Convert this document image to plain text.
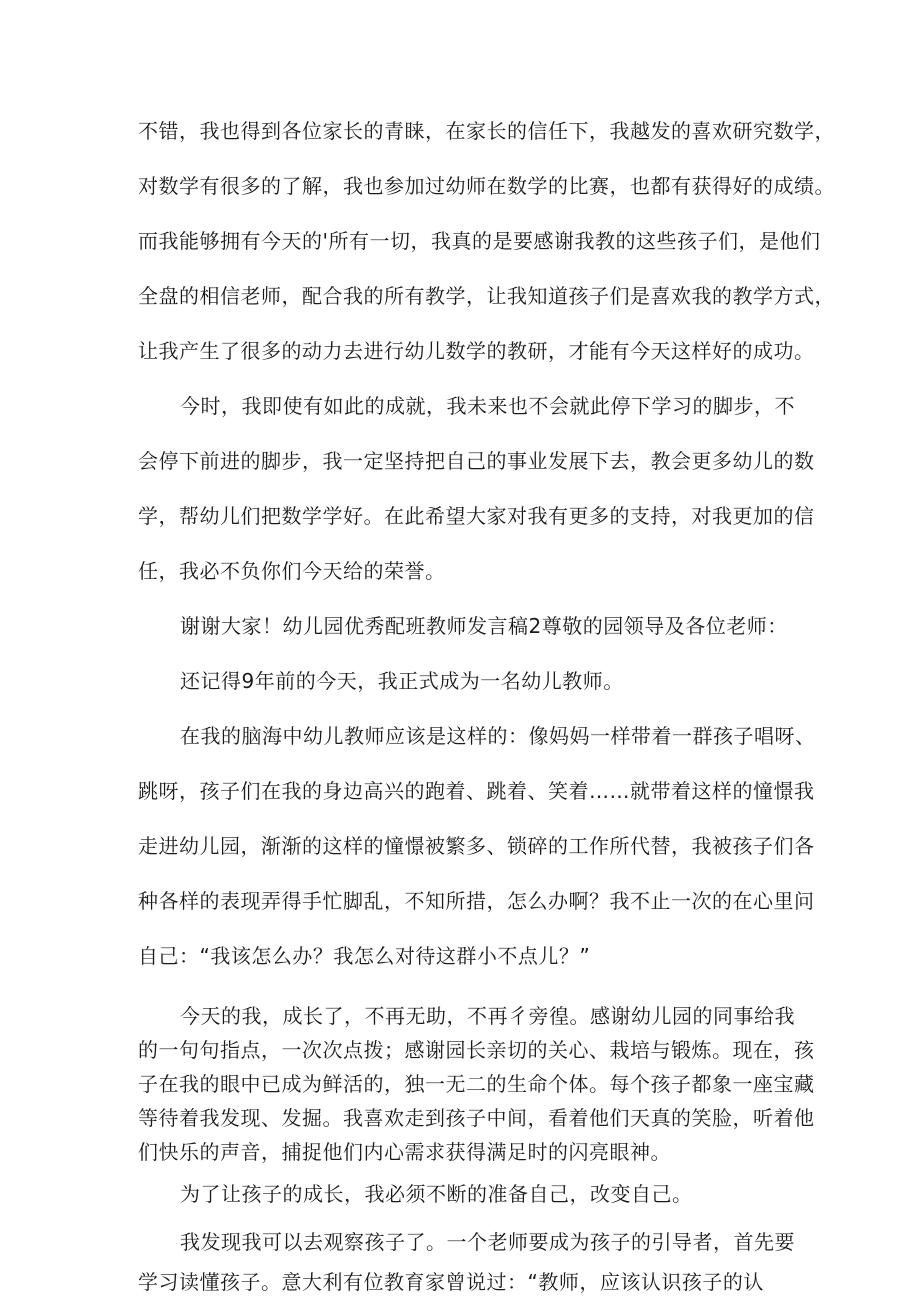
不错，我也得到各位家长的青睐，在家长的信任下，我越发的喜欢研究数学，
对数学有很多的了解，我也参加过幼师在数学的比赛，也都有获得好的成绩。
而我能够拥有今天的'所有一切，我真的是要感谢我教的这些孩子们，是他们
全盘的相信老师，配合我的所有教学，让我知道孩子们是喜欢我的教学方式，
让我产生了很多的动力去进行幼儿数学的教研，才能有今天这样好的成功。
今时，我即使有如此的成就，我未来也不会就此停下学习的脚步，不
会停下前进的脚步，我一定坚持把自己的事业发展下去，教会更多幼儿的数
学，帮幼儿们把数学学好。在此希望大家对我有更多的支持，对我更加的信
任，我必不负你们今天给的荣誉。
谢谢大家！幼儿园优秀配班教师发言稿2尊敬的园领导及各位老师：
还记得9年前的今天，我正式成为一名幼儿教师。
在我的脑海中幼儿教师应该是这样的：像妈妈一样带着一群孩子唱呀、
跳呀，孩子们在我的身边高兴的跑着、跳着、笑着……就带着这样的憧憬我
走进幼儿园，渐渐的这样的憧憬被繁多、锁碎的工作所代替，我被孩子们各
种各样的表现弄得手忙脚乱，不知所措，怎么办啊？我不止一次的在心里问
自己：“我该怎么办？我怎么对待这群小不点儿？”
今天的我，成长了，不再无助，不再彳旁徨。感谢幼儿园的同事给我
的一句句指点，一次次点拨；感谢园长亲切的关心、栽培与锻炼。现在，孩
子在我的眼中已成为鲜活的，独一无二的生命个体。每个孩子都象一座宝藏
等待着我发现、发掘。我喜欢走到孩子中间，看着他们天真的笑脸，听着他
们快乐的声音，捕捉他们内心需求获得满足时的闪亮眼神。
为了让孩子的成长，我必须不断的准备自己，改变自己。
我发现我可以去观察孩子了。一个老师要成为孩子的引导者，首先要
学习读懂孩子。意大利有位教育家曾说过：“教师，应该认识孩子的认
